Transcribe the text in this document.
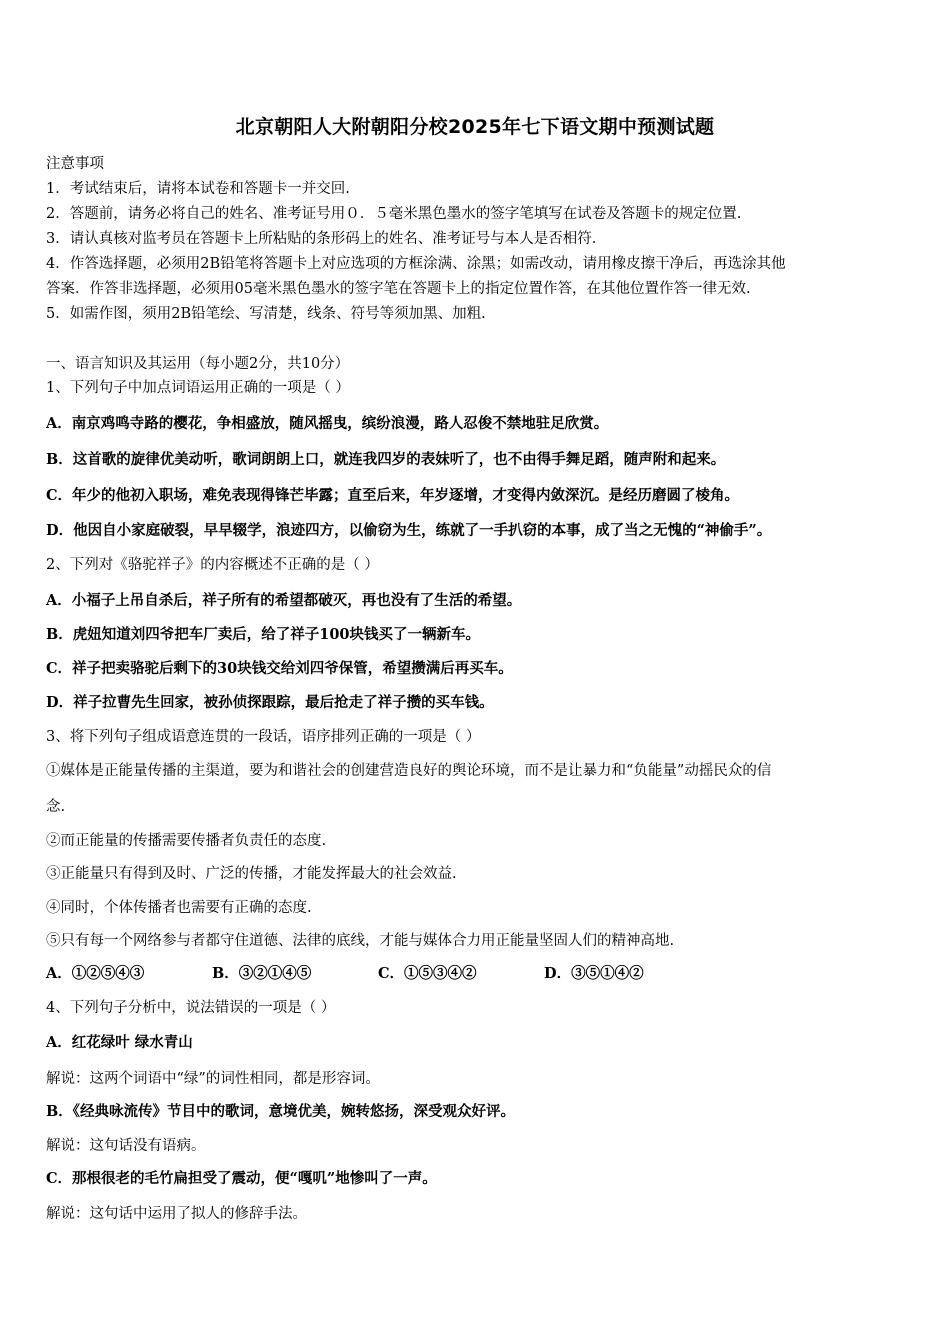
北京朝阳人大附朝阳分校2025年七下语文期中预测试题
注意事项
1．考试结束后，请将本试卷和答题卡一并交回.
2．答题前，请务必将自己的姓名、准考证号用０．５毫米黑色墨水的签字笔填写在试卷及答题卡的规定位置.
3．请认真核对监考员在答题卡上所粘贴的条形码上的姓名、准考证号与本人是否相符.
4．作答选择题，必须用2B铅笔将答题卡上对应选项的方框涂满、涂黑；如需改动，请用橡皮擦干净后，再选涂其他
答案．作答非选择题，必须用05毫米黑色墨水的签字笔在答题卡上的指定位置作答，在其他位置作答一律无效.
5．如需作图，须用2B铅笔绘、写清楚，线条、符号等须加黑、加粗.
一、语言知识及其运用（每小题2分，共10分）
1、下列句子中加点词语运用正确的一项是（ ）
A．南京鸡鸣寺路的樱花，争相盛放，随风摇曳，缤纷浪漫，路人忍俊不禁地驻足欣赏。
B．这首歌的旋律优美动听，歌词朗朗上口，就连我四岁的表妹听了，也不由得手舞足蹈，随声附和起来。
C．年少的他初入职场，难免表现得锋芒毕露；直至后来，年岁逐增，才变得内敛深沉。是经历磨圆了棱角。
D．他因自小家庭破裂，早早辍学，浪迹四方，以偷窃为生，练就了一手扒窃的本事，成了当之无愧的“神偷手”。
2、下列对《骆驼祥子》的内容概述不正确的是（ ）
A．小福子上吊自杀后，祥子所有的希望都破灭，再也没有了生活的希望。
B．虎妞知道刘四爷把车厂卖后，给了祥子100块钱买了一辆新车。
C．祥子把卖骆驼后剩下的30块钱交给刘四爷保管，希望攒满后再买车。
D．祥子拉曹先生回家，被孙侦探跟踪，最后抢走了祥子攒的买车钱。
3、将下列句子组成语意连贯的一段话，语序排列正确的一项是（ ）
①媒体是正能量传播的主渠道，要为和谐社会的创建营造良好的舆论环境，而不是让暴力和“负能量”动摇民众的信
念.
②而正能量的传播需要传播者负责任的态度.
③正能量只有得到及时、广泛的传播，才能发挥最大的社会效益.
④同时，个体传播者也需要有正确的态度.
⑤只有每一个网络参与者都守住道德、法律的底线，才能与媒体合力用正能量坚固人们的精神高地.
A．①②⑤④③	B．③②①④⑤	C．①⑤③④②	D．③⑤①④②
4、下列句子分析中，说法错误的一项是（ ）
A．红花绿叶 绿水青山
解说：这两个词语中“绿”的词性相同，都是形容词。
B．《经典咏流传》节目中的歌词，意境优美，婉转悠扬，深受观众好评。
解说：这句话没有语病。
C．那根很老的毛竹扁担受了震动，便“嘎叽”地惨叫了一声。
解说：这句话中运用了拟人的修辞手法。
